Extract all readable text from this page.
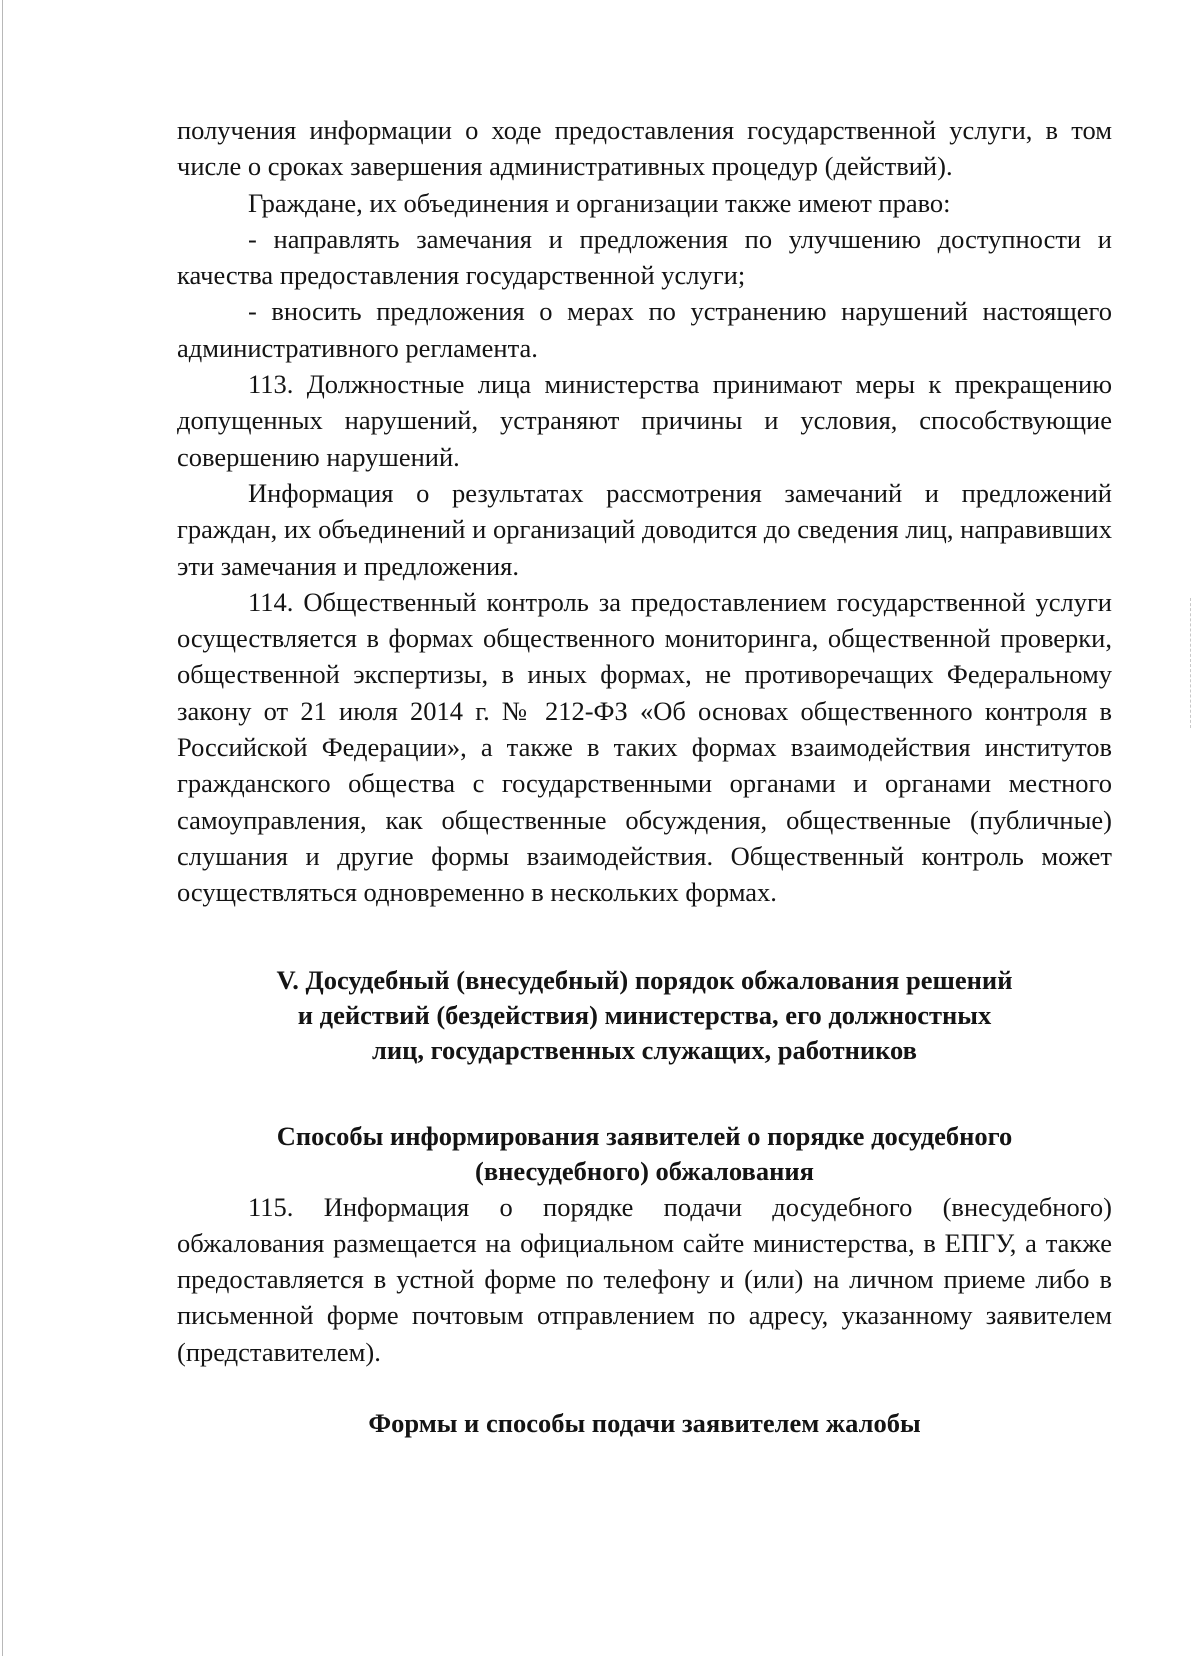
получения информации о ходе предоставления государственной услуги, в том числе о сроках завершения административных процедур (действий).

Граждане, их объединения и организации также имеют право:

- направлять замечания и предложения по улучшению доступности и качества предоставления государственной услуги;

- вносить предложения о мерах по устранению нарушений настоящего административного регламента.

113. Должностные лица министерства принимают меры к прекращению допущенных нарушений, устраняют причины и условия, способствующие совершению нарушений.

Информация о результатах рассмотрения замечаний и предложений граждан, их объединений и организаций доводится до сведения лиц, направивших эти замечания и предложения.

114. Общественный контроль за предоставлением государственной услуги осуществляется в формах общественного мониторинга, общественной проверки, общественной экспертизы, в иных формах, не противоречащих Федеральному закону от 21 июля 2014 г. № 212-ФЗ «Об основах общественного контроля в Российской Федерации», а также в таких формах взаимодействия институтов гражданского общества с государственными органами и органами местного самоуправления, как общественные обсуждения, общественные (публичные) слушания и другие формы взаимодействия. Общественный контроль может осуществляться одновременно в нескольких формах.

V. Досудебный (внесудебный) порядок обжалования решений
и действий (бездействия) министерства, его должностных
лиц, государственных служащих, работников
Способы информирования заявителей о порядке досудебного
(внесудебного) обжалования

115. Информация о порядке подачи досудебного (внесудебного) обжалования размещается на официальном сайте министерства, в ЕПГУ, а также предоставляется в устной форме по телефону и (или) на личном приеме либо в письменной форме почтовым отправлением по адресу, указанному заявителем (представителем).

Формы и способы подачи заявителем жалобы
